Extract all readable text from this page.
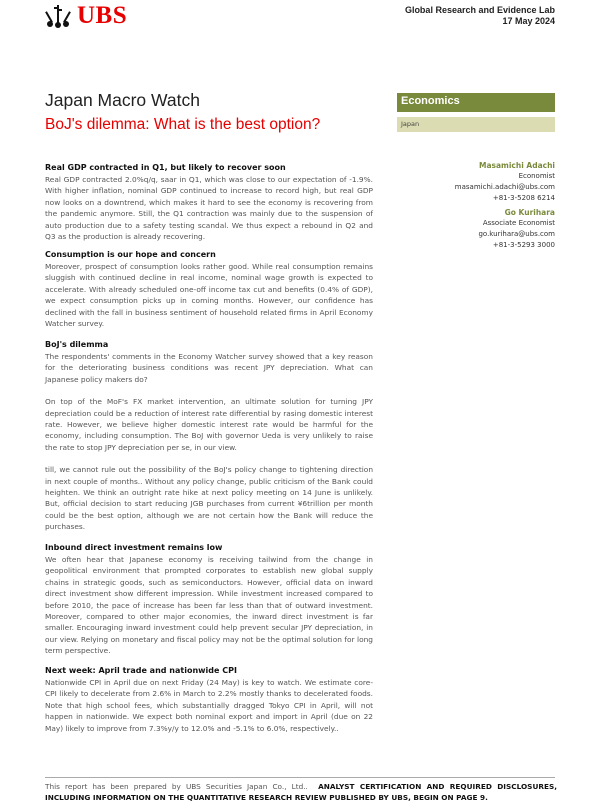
UBS	Global Research and Evidence Lab
17 May 2024
Japan Macro Watch
BoJ's dilemma: What is the best option?
Economics
Japan
Masamichi Adachi
Economist
masamichi.adachi@ubs.com
+81-3-5208 6214
Go Kurihara
Associate Economist
go.kurihara@ubs.com
+81-3-5293 3000
Real GDP contracted in Q1, but likely to recover soon

Real GDP contracted 2.0%q/q, saar in Q1, which was close to our expectation of -1.9%. With higher inflation, nominal GDP continued to increase to record high, but real GDP now looks on a downtrend, which makes it hard to see the economy is recovering from the pandemic anymore. Still, the Q1 contraction was mainly due to the suspension of auto production due to a safety testing scandal. We thus expect a rebound in Q2 and Q3 as the production is already recovering.

Consumption is our hope and concern

Moreover, prospect of consumption looks rather good. While real consumption remains sluggish with continued decline in real income, nominal wage growth is expected to accelerate. With already scheduled one-off income tax cut and benefits (0.4% of GDP), we expect consumption picks up in coming months. However, our confidence has declined with the fall in business sentiment of household related firms in April Economy Watcher survey.

BoJ's dilemma

The respondents' comments in the Economy Watcher survey showed that a key reason for the deteriorating business conditions was recent JPY depreciation. What can Japanese policy makers do?

On top of the MoF's FX market intervention, an ultimate solution for turning JPY depreciation could be a reduction of interest rate differential by rasing domestic interest rate. However, we believe higher domestic interest rate would be harmful for the economy, including consumption. The BoJ with governor Ueda is very unlikely to raise the rate to stop JPY depreciation per se, in our view.

till, we cannot rule out the possibility of the BoJ's policy change to tightening direction in next couple of months.. Without any policy change, public criticism of the Bank could heighten. We think an outright rate hike at next policy meeting on 14 June is unlikely. But, official decision to start reducing JGB purchases from current ¥6trillion per month could be the best option, although we are not certain how the Bank will reduce the purchases.

Inbound direct investment remains low

We often hear that Japanese economy is receiving tailwind from the change in geopolitical environment that prompted corporates to establish new global supply chains in strategic goods, such as semiconductors. However, official data on inward direct investment show different impression. While investment increased compared to before 2010, the pace of increase has been far less than that of outward investment. Moreover, compared to other major economies, the inward direct investment is far smaller. Encouraging inward investment could help prevent secular JPY depreciation, in our view. Relying on monetary and fiscal policy may not be the optimal solution for long term perspective.

Next week: April trade and nationwide CPI

Nationwide CPI in April due on next Friday (24 May) is key to watch. We estimate core-CPI likely to decelerate from 2.6% in March to 2.2% mostly thanks to decelerated foods. Note that high school fees, which substantially dragged Tokyo CPI in April, will not happen in nationwide. We expect both nominal export and import in April (due on 22 May) likely to improve from 7.3%y/y to 12.0% and -5.1% to 6.0%, respectively..

This report has been prepared by UBS Securities Japan Co., Ltd.. ANALYST CERTIFICATION AND REQUIRED DISCLOSURES, INCLUDING INFORMATION ON THE QUANTITATIVE RESEARCH REVIEW PUBLISHED BY UBS, BEGIN ON PAGE 9.
